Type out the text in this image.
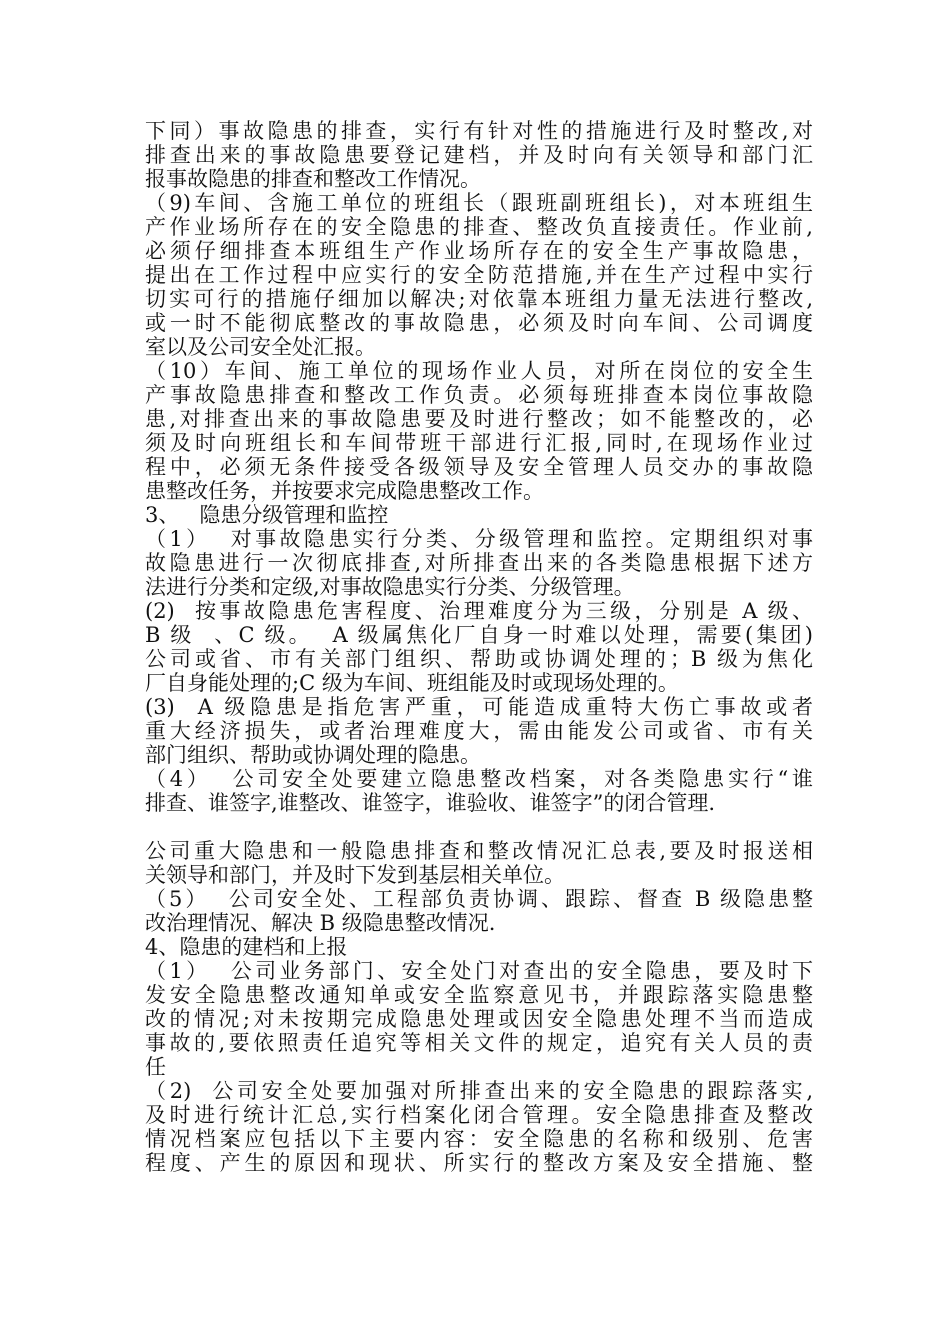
下同）事故隐患的排查，实行有针对性的措施进行及时整改,对
排查出来的事故隐患要登记建档，并及时向有关领导和部门汇
报事故隐患的排查和整改工作情况。
（9)车间、含施工单位的班组长（跟班副班组长)，对本班组生
产作业场所存在的安全隐患的排查、整改负直接责任。作业前,
必须仔细排查本班组生产作业场所存在的安全生产事故隐患，
提出在工作过程中应实行的安全防范措施,并在生产过程中实行
切实可行的措施仔细加以解决;对依靠本班组力量无法进行整改,
或一时不能彻底整改的事故隐患，必须及时向车间、公司调度
室以及公司安全处汇报。
（10）车间、施工单位的现场作业人员，对所在岗位的安全生
产事故隐患排查和整改工作负责。必须每班排查本岗位事故隐
患,对排查出来的事故隐患要及时进行整改；如不能整改的，必
须及时向班组长和车间带班干部进行汇报,同时,在现场作业过
程中，必须无条件接受各级领导及安全管理人员交办的事故隐
患整改任务，并按要求完成隐患整改工作。
3、   隐患分级管理和监控
（1）  对事故隐患实行分类、分级管理和监控。定期组织对事
故隐患进行一次彻底排查,对所排查出来的各类隐患根据下述方
法进行分类和定级,对事故隐患实行分类、分级管理。
(2)  按事故隐患危害程度、治理难度分为三级，分别是 A 级、
B 级  、C 级。  A 级属焦化厂自身一时难以处理，需要(集团)
公司或省、市有关部门组织、帮助或协调处理的；B 级为焦化
厂自身能处理的;C 级为车间、班组能及时或现场处理的。
(3)  A 级隐患是指危害严重，可能造成重特大伤亡事故或者
重大经济损失，或者治理难度大，需由能发公司或省、市有关
部门组织、帮助或协调处理的隐患。
（4）  公司安全处要建立隐患整改档案，对各类隐患实行“谁
排查、谁签字,谁整改、谁签字，谁验收、谁签字”的闭合管理.
公司重大隐患和一般隐患排查和整改情况汇总表,要及时报送相
关领导和部门，并及时下发到基层相关单位。
（5）  公司安全处、工程部负责协调、跟踪、督查 B 级隐患整
改治理情况、解决 B 级隐患整改情况.
4、隐患的建档和上报
（1）  公司业务部门、安全处门对查出的安全隐患，要及时下
发安全隐患整改通知单或安全监察意见书，并跟踪落实隐患整
改的情况;对未按期完成隐患处理或因安全隐患处理不当而造成
事故的,要依照责任追究等相关文件的规定，追究有关人员的责
任
（2)  公司安全处要加强对所排查出来的安全隐患的跟踪落实,
及时进行统计汇总,实行档案化闭合管理。安全隐患排查及整改
情况档案应包括以下主要内容：安全隐患的名称和级别、危害
程度、产生的原因和现状、所实行的整改方案及安全措施、整
